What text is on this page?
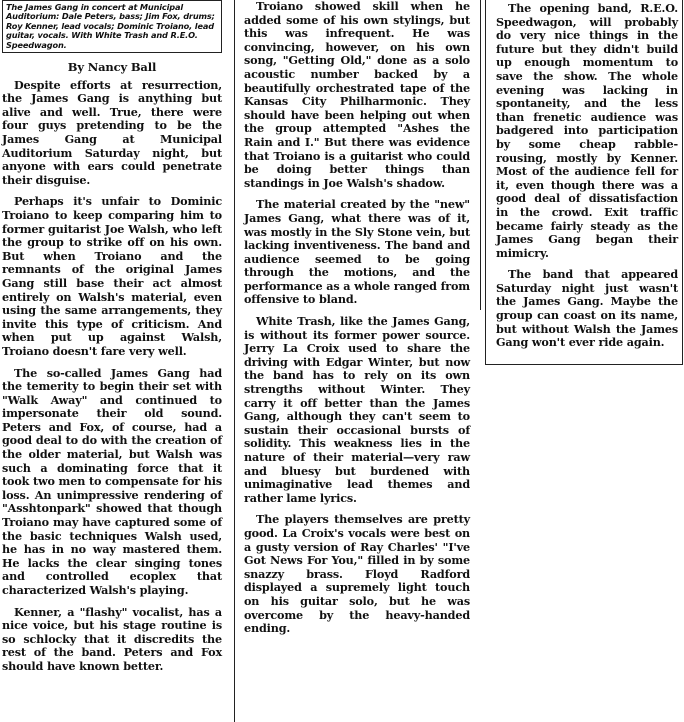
The James Gang in concert at Municipal Auditorium: Dale Peters, bass; Jim Fox, drums; Roy Kenner, lead vocals; Dominic Troiano, lead guitar, vocals. With White Trash and R.E.O. Speedwagon.
By Nancy Ball

Despite efforts at resurrection, the James Gang is anything but alive and well. True, there were four guys pretending to be the James Gang at Municipal Auditorium Saturday night, but anyone with ears could penetrate their disguise.

Perhaps it's unfair to Dominic Troiano to keep comparing him to former guitarist Joe Walsh, who left the group to strike off on his own. But when Troiano and the remnants of the original James Gang still base their act almost entirely on Walsh's material, even using the same arrangements, they invite this type of criticism. And when put up against Walsh, Troiano doesn't fare very well.

The so-called James Gang had the temerity to begin their set with "Walk Away" and continued to impersonate their old sound. Peters and Fox, of course, had a good deal to do with the creation of the older material, but Walsh was such a dominating force that it took two men to compensate for his loss. An unimpressive rendering of "Asshtonpark" showed that though Troiano may have captured some of the basic techniques Walsh used, he has in no way mastered them. He lacks the clear singing tones and controlled ecoplex that characterized Walsh's playing.

Kenner, a "flashy" vocalist, has a nice voice, but his stage routine is so schlocky that it discredits the rest of the band. Peters and Fox should have known better.

Troiano showed skill when he added some of his own stylings, but this was infrequent. He was convincing, however, on his own song, "Getting Old," done as a solo acoustic number backed by a beautifully orchestrated tape of the Kansas City Philharmonic. They should have been helping out when the group attempted "Ashes the Rain and I." But there was evidence that Troiano is a guitarist who could be doing better things than standings in Joe Walsh's shadow.

The material created by the "new" James Gang, what there was of it, was mostly in the Sly Stone vein, but lacking inventiveness. The band and audience seemed to be going through the motions, and the performance as a whole ranged from offensive to bland.

White Trash, like the James Gang, is without its former power source. Jerry La Croix used to share the driving with Edgar Winter, but now the band has to rely on its own strengths without Winter. They carry it off better than the James Gang, although they can't seem to sustain their occasional bursts of solidity. This weakness lies in the nature of their material—very raw and bluesy but burdened with unimaginative lead themes and rather lame lyrics.

The players themselves are pretty good. La Croix's vocals were best on a gusty version of Ray Charles' "I've Got News For You," filled in by some snazzy brass. Floyd Radford displayed a supremely light touch on his guitar solo, but he was overcome by the heavy-handed ending.

The opening band, R.E.O. Speedwagon, will probably do very nice things in the future but they didn't build up enough momentum to save the show. The whole evening was lacking in spontaneity, and the less than frenetic audience was badgered into participation by some cheap rabble-rousing, mostly by Kenner. Most of the audience fell for it, even though there was a good deal of dissatisfaction in the crowd. Exit traffic became fairly steady as the James Gang began their mimicry.

The band that appeared Saturday night just wasn't the James Gang. Maybe the group can coast on its name, but without Walsh the James Gang won't ever ride again.
